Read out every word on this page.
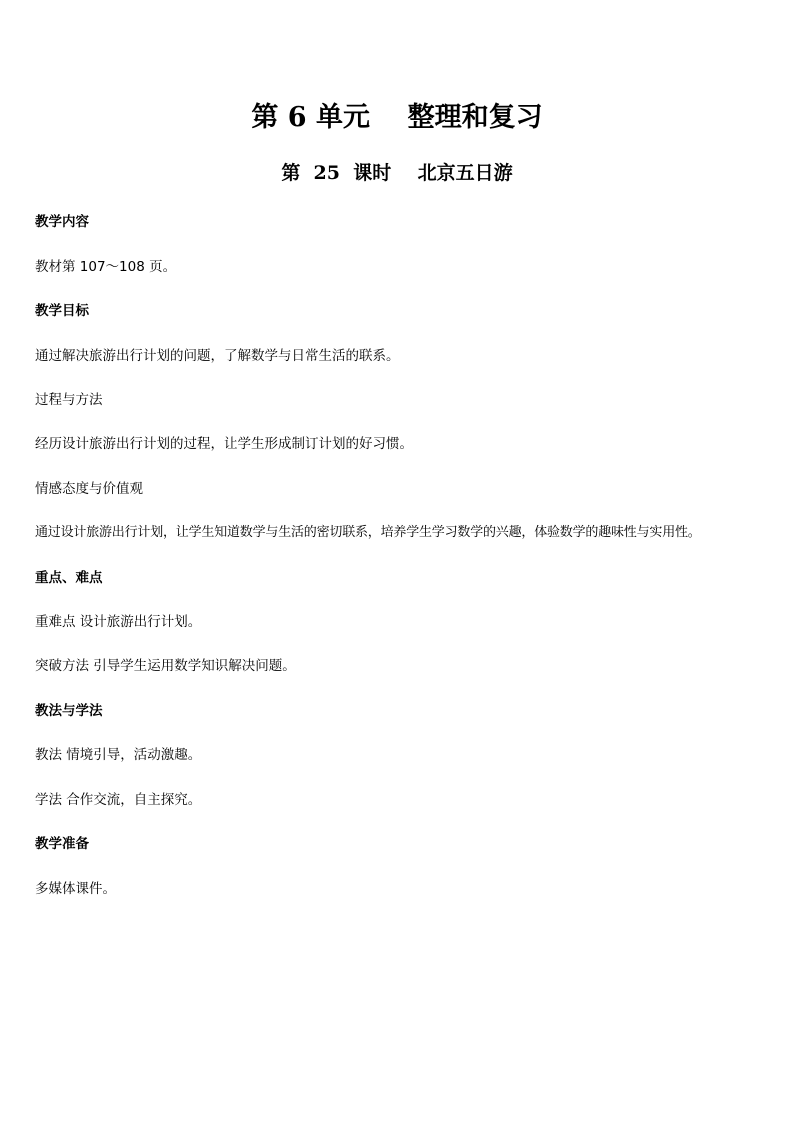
第 6 单元    整理和复习
第  25  课时    北京五日游

教学内容

教材第 107～108 页。

教学目标

通过解决旅游出行计划的问题，了解数学与日常生活的联系。

过程与方法

经历设计旅游出行计划的过程，让学生形成制订计划的好习惯。

情感态度与价值观

通过设计旅游出行计划，让学生知道数学与生活的密切联系，培养学生学习数学的兴趣，体验数学的趣味性与实用性。

重点、难点

重难点 设计旅游出行计划。

突破方法 引导学生运用数学知识解决问题。

教法与学法

教法 情境引导，活动激趣。

学法 合作交流，自主探究。

教学准备

多媒体课件。
